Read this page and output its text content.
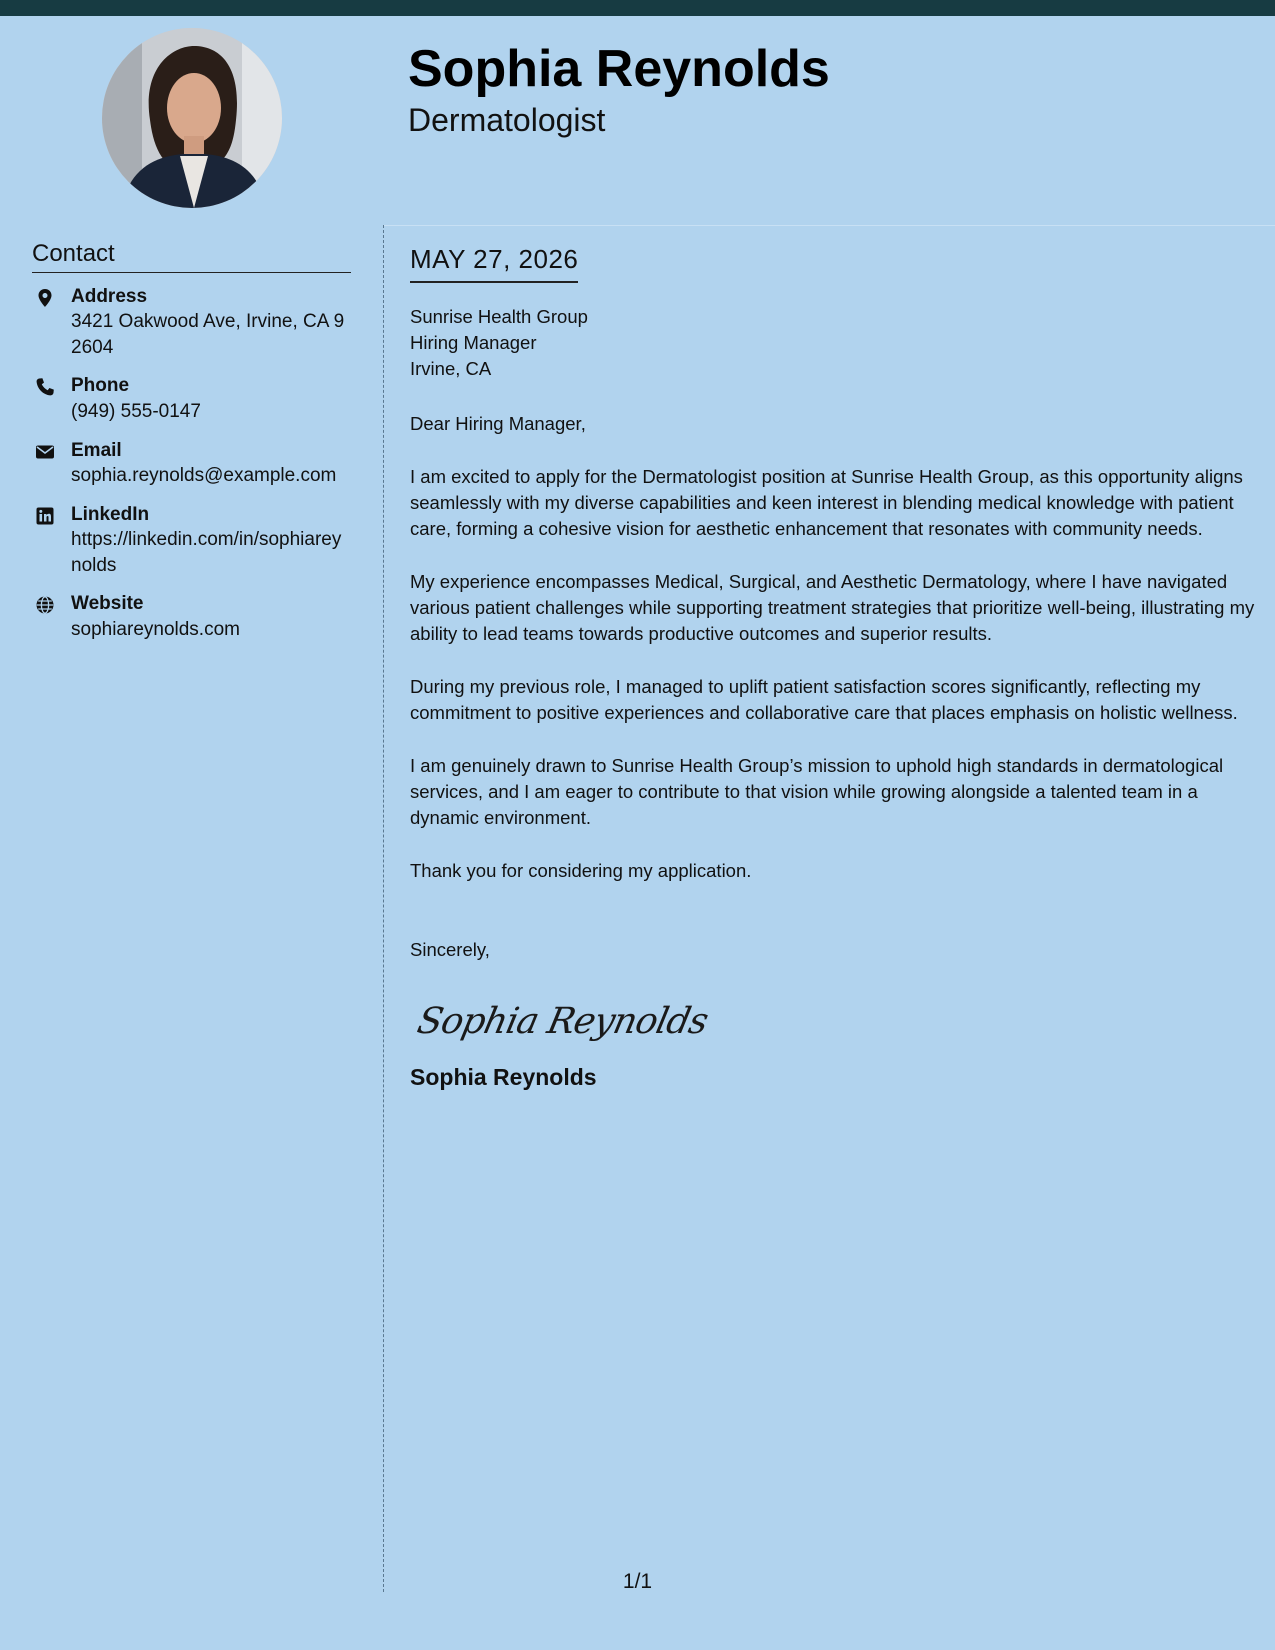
Sophia Reynolds
Dermatologist
Contact
Address
3421 Oakwood Ave, Irvine, CA 92604
Phone
(949) 555-0147
Email
sophia.reynolds@example.com
LinkedIn
https://linkedin.com/in/sophiareynolds
Website
sophiareynolds.com
MAY 27, 2026
Sunrise Health Group
Hiring Manager
Irvine, CA
Dear Hiring Manager,

I am excited to apply for the Dermatologist position at Sunrise Health Group, as this opportunity aligns seamlessly with my diverse capabilities and keen interest in blending medical knowledge with patient care, forming a cohesive vision for aesthetic enhancement that resonates with community needs.

My experience encompasses Medical, Surgical, and Aesthetic Dermatology, where I have navigated various patient challenges while supporting treatment strategies that prioritize well-being, illustrating my ability to lead teams towards productive outcomes and superior results.

During my previous role, I managed to uplift patient satisfaction scores significantly, reflecting my commitment to positive experiences and collaborative care that places emphasis on holistic wellness.

I am genuinely drawn to Sunrise Health Group’s mission to uphold high standards in dermatological services, and I am eager to contribute to that vision while growing alongside a talented team in a dynamic environment.

Thank you for considering my application.

Sincerely,
Sophia Reynolds
Sophia Reynolds
1/1
